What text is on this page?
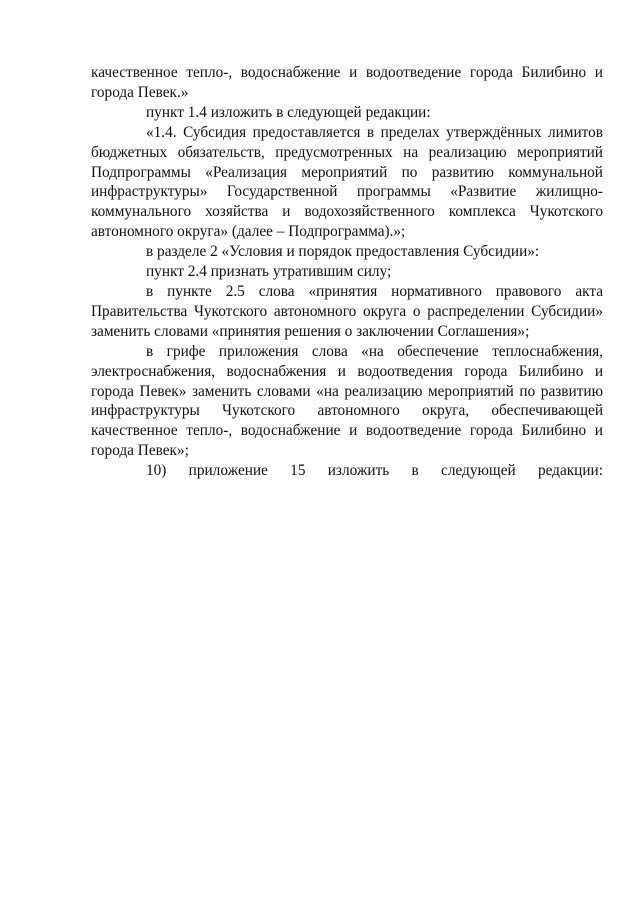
качественное тепло-, водоснабжение и водоотведение города Билибино и города Певек.»

пункт 1.4 изложить в следующей редакции:

«1.4. Субсидия предоставляется в пределах утверждённых лимитов бюджетных обязательств, предусмотренных на реализацию мероприятий Подпрограммы «Реализация мероприятий по развитию коммунальной инфраструктуры» Государственной программы «Развитие жилищно-коммунального хозяйства и водохозяйственного комплекса Чукотского автономного округа» (далее – Подпрограмма).»;

в разделе 2 «Условия и порядок предоставления Субсидии»:

пункт 2.4 признать утратившим силу;

в пункте 2.5 слова «принятия нормативного правового акта Правительства Чукотского автономного округа о распределении Субсидии» заменить словами «принятия решения о заключении Соглашения»;

в грифе приложения слова «на обеспечение теплоснабжения, электроснабжения, водоснабжения и водоотведения города Билибино и города Певек» заменить словами «на реализацию мероприятий по развитию инфраструктуры Чукотского автономного округа, обеспечивающей качественное тепло-, водоснабжение и водоотведение города Билибино и города Певек»;

10) приложение 15 изложить в следующей редакции:
